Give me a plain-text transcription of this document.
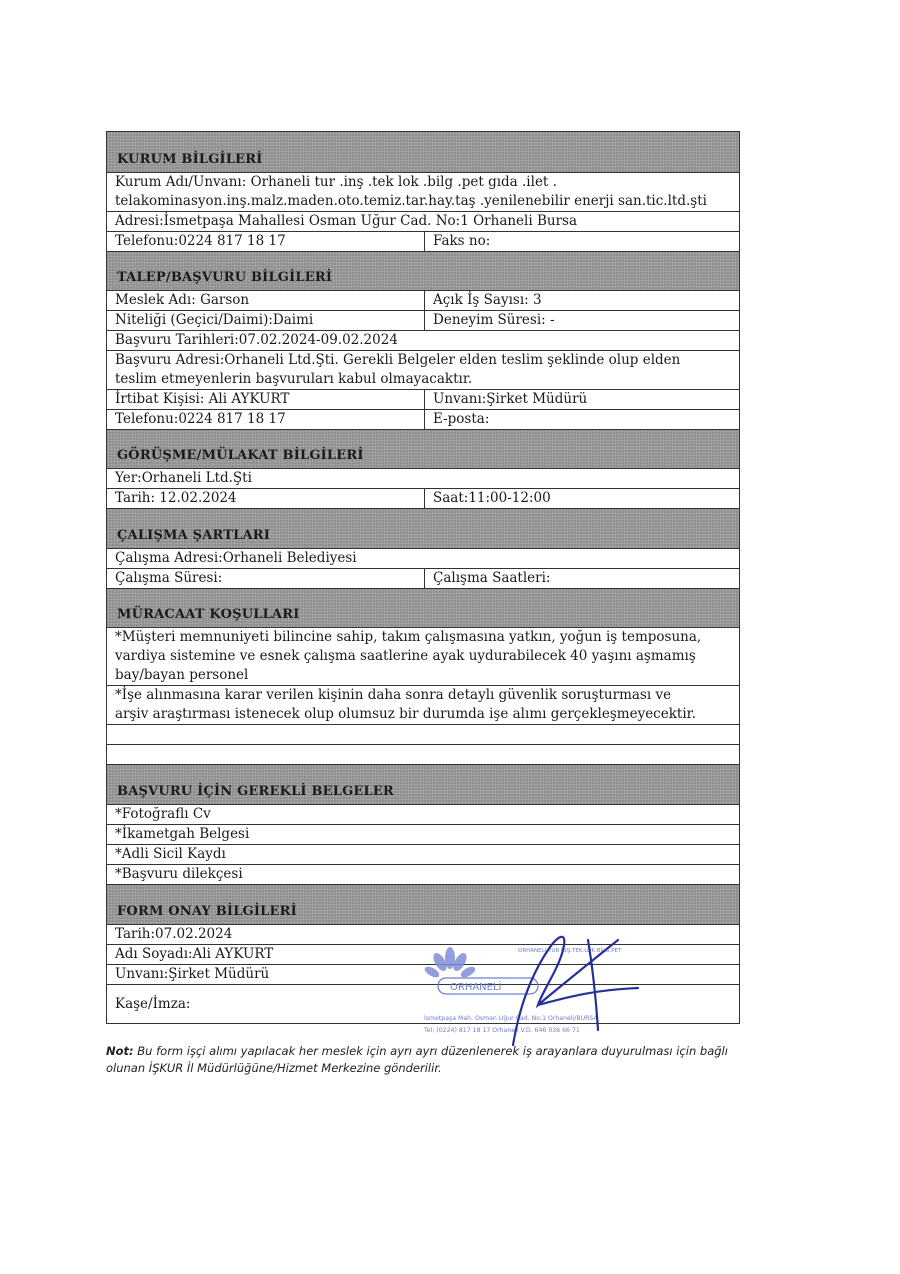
KURUM BİLGİLERİ
Kurum Adı/Unvanı: Orhaneli tur .inş .tek lok .bilg .pet gıda .ilet .
telakominasyon.inş.malz.maden.oto.temiz.tar.hay.taş .yenilenebilir enerji san.tic.ltd.şti
Adresi:İsmetpaşa Mahallesi Osman Uğur Cad. No:1 Orhaneli Bursa
Telefonu:0224 817 18 17	Faks no:
TALEP/BAŞVURU BİLGİLERİ
Meslek Adı: Garson	Açık İş Sayısı: 3
Niteliği (Geçici/Daimi):Daimi	Deneyim Süresi: -
Başvuru Tarihleri:07.02.2024-09.02.2024
Başvuru Adresi:Orhaneli Ltd.Şti. Gerekli Belgeler elden teslim şeklinde olup elden
teslim etmeyenlerin başvuruları kabul olmayacaktır.
İrtibat Kişisi: Ali AYKURT	Unvanı:Şirket Müdürü
Telefonu:0224 817 18 17	E-posta:
GÖRÜŞME/MÜLAKAT BİLGİLERİ
Yer:Orhaneli Ltd.Şti
Tarih: 12.02.2024	Saat:11:00-12:00
ÇALIŞMA ŞARTLARI
Çalışma Adresi:Orhaneli Belediyesi
Çalışma Süresi:	Çalışma Saatleri:
MÜRACAAT KOŞULLARI
*Müşteri memnuniyeti bilincine sahip, takım çalışmasına yatkın, yoğun iş temposuna,
vardiya sistemine ve esnek çalışma saatlerine ayak uydurabilecek 40 yaşını aşmamış
bay/bayan personel
*İşe alınmasına karar verilen kişinin daha sonra detaylı güvenlik soruşturması ve
arşiv araştırması istenecek olup olumsuz bir durumda işe alımı gerçekleşmeyecektir.
BAŞVURU İÇİN GEREKLİ BELGELER
*Fotoğraflı Cv
*İkametgah Belgesi
*Adli Sicil Kaydı
*Başvuru dilekçesi
FORM ONAY BİLGİLERİ
Tarih:07.02.2024
Adı Soyadı:Ali AYKURT
Unvanı:Şirket Müdürü
Kaşe/İmza:
ORHANELİ
ORHANELİ TUR İNŞ.TEK.LOK.BİLG.PET
İsmetpaşa Mah. Osman Uğur Cad. No:1 Orhaneli/BURSA
Tel: (0224) 817 18 17 Orhaneli V.D. 646 036 66 71
Not: Bu form işçi alımı yapılacak her meslek için ayrı ayrı düzenlenerek iş arayanlara duyurulması için bağlı olunan İŞKUR İl Müdürlüğüne/Hizmet Merkezine gönderilir.
